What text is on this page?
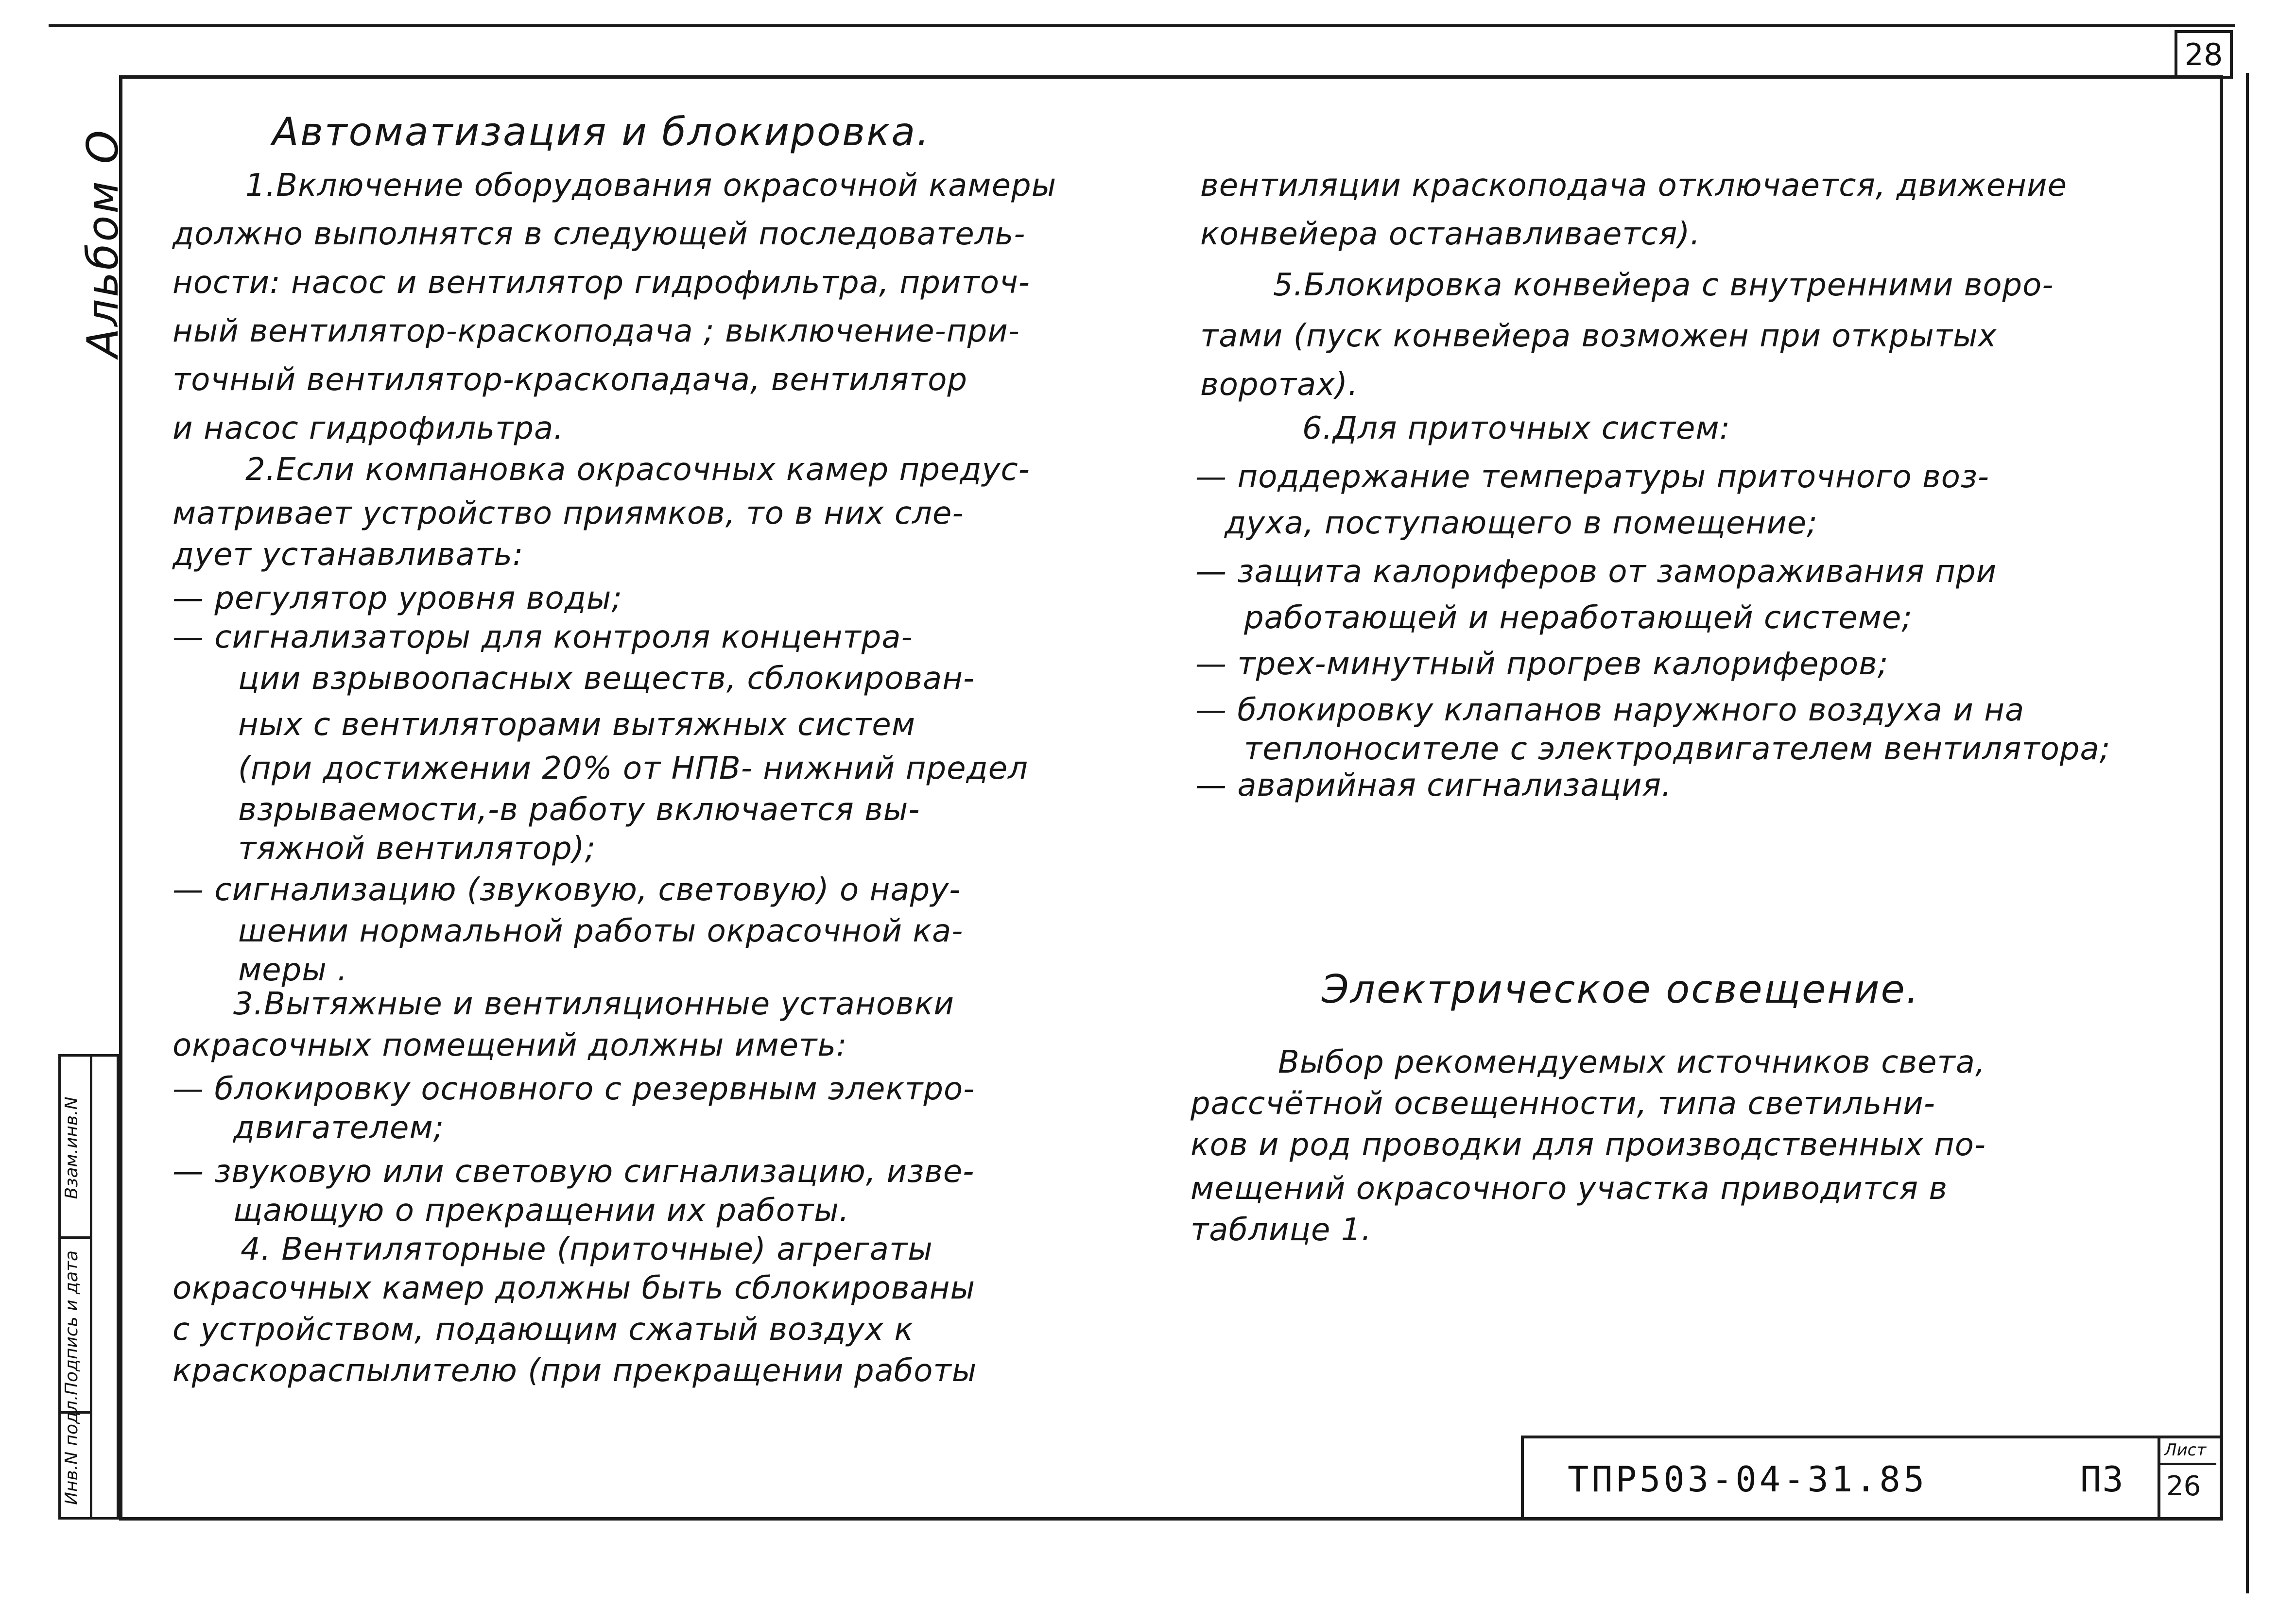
28
Альбом О
Инв.N подл.
Подпись и дата
Взам.инв.N
Автоматизация и блокировка.
1.Включение оборудования окрасочной камеры
должно выполнятся в следующей последователь-
ности: насос и вентилятор гидрофильтра, приточ-
ный вентилятор-краскоподача ; выключение-при-
точный вентилятор-краскопадача, вентилятор
и насос гидрофильтра.
2.Если компановка окрасочных камер предус-
матривает устройство приямков, то в них сле-
дует устанавливать:
— регулятор уровня воды;
— сигнализаторы для контроля концентра-
ции взрывоопасных веществ, сблокирован-
ных с вентиляторами вытяжных систем
(при достижении 20% от НПВ- нижний предел
взрываемости,-в работу включается вы-
тяжной вентилятор);
— сигнализацию (звуковую, световую) о нару-
шении нормальной работы окрасочной ка-
меры .
3.Вытяжные и вентиляционные установки
окрасочных помещений должны иметь:
— блокировку основного с резервным электро-
двигателем;
— звуковую или световую сигнализацию, изве-
щающую о прекращении их работы.
4. Вентиляторные (приточные) агрегаты
окрасочных камер должны быть сблокированы
с устройством, подающим сжатый воздух к
краскораспылителю (при прекращении работы
вентиляции краскоподача отключается, движение
конвейера останавливается).
5.Блокировка конвейера с внутренними воро-
тами (пуск конвейера возможен при открытых
воротах).
6.Для приточных систем:
— поддержание температуры приточного воз-
духа, поступающего в помещение;
— защита калориферов от замораживания при
работающей и неработающей системе;
— трех-минутный прогрев калориферов;
— блокировку клапанов наружного воздуха и на
теплоносителе с электродвигателем вентилятора;
— аварийная сигнализация.
Электрическое освещение.
Выбор рекомендуемых источников света,
рассчётной освещенности, типа светильни-
ков и род проводки для производственных по-
мещений окрасочного участка приводится в
таблице 1.
ТПР503-04-31.85	ПЗ
Лист
26
